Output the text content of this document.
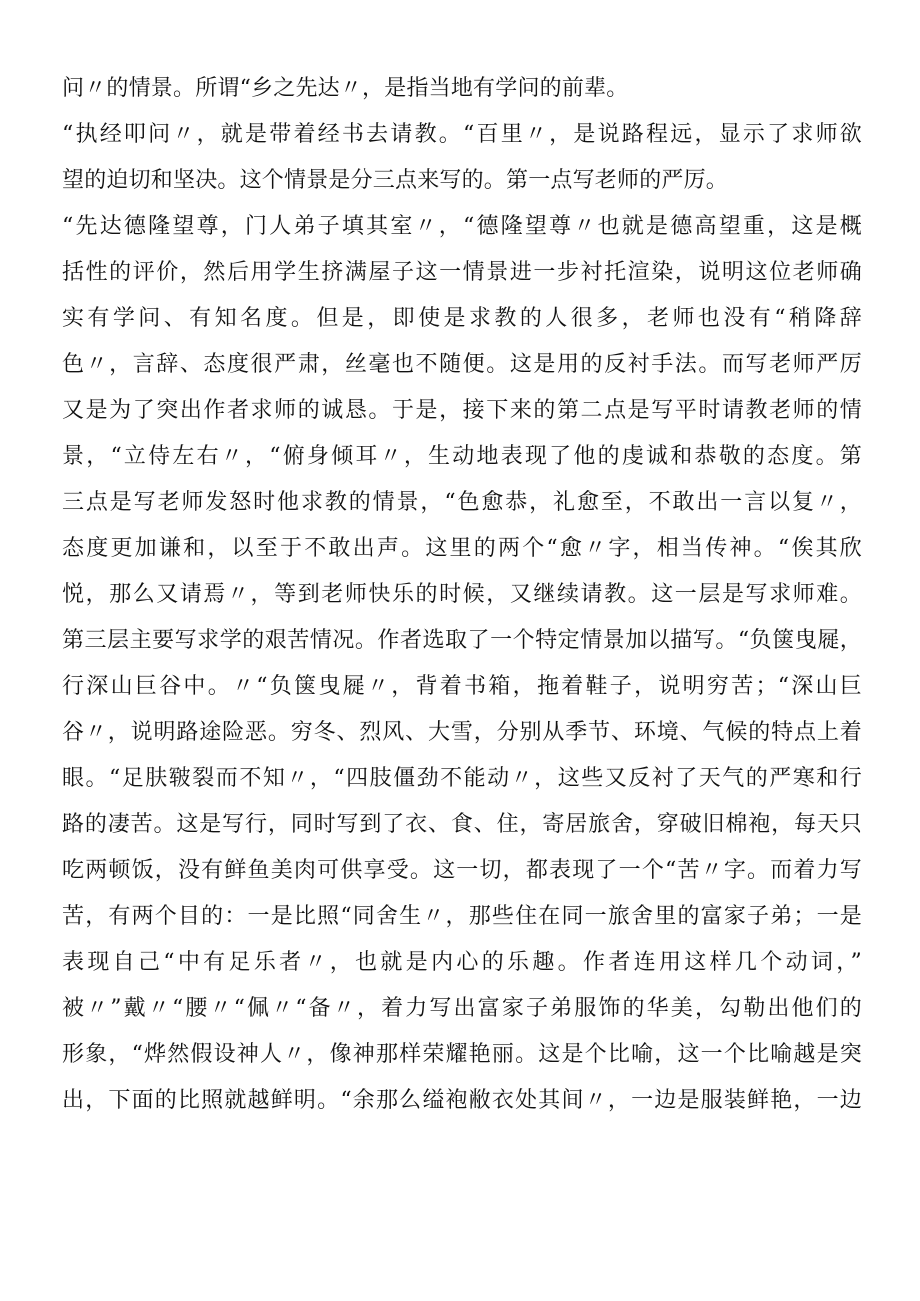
问〃的情景。所谓“乡之先达〃，是指当地有学问的前辈。
“执经叩问〃，就是带着经书去请教。“百里〃，是说路程远，显示了求师欲
望的迫切和坚决。这个情景是分三点来写的。第一点写老师的严厉。
“先达德隆望尊，门人弟子填其室〃，“德隆望尊〃也就是德高望重，这是概
括性的评价，然后用学生挤满屋子这一情景进一步衬托渲染，说明这位老师确
实有学问、有知名度。但是，即使是求教的人很多，老师也没有“稍降辞
色〃，言辞、态度很严肃，丝毫也不随便。这是用的反衬手法。而写老师严厉
又是为了突出作者求师的诚恳。于是，接下来的第二点是写平时请教老师的情
景，“立侍左右〃，“俯身倾耳〃，生动地表现了他的虔诚和恭敬的态度。第
三点是写老师发怒时他求教的情景，“色愈恭，礼愈至，不敢出一言以复〃，
态度更加谦和，以至于不敢出声。这里的两个“愈〃字，相当传神。“俟其欣
悦，那么又请焉〃，等到老师快乐的时候，又继续请教。这一层是写求师难。
第三层主要写求学的艰苦情况。作者选取了一个特定情景加以描写。“负箧曳屣，
行深山巨谷中。〃“负箧曳屣〃，背着书箱，拖着鞋子，说明穷苦；“深山巨
谷〃，说明路途险恶。穷冬、烈风、大雪，分别从季节、环境、气候的特点上着
眼。“足肤皲裂而不知〃，“四肢僵劲不能动〃，这些又反衬了天气的严寒和行
路的凄苦。这是写行，同时写到了衣、食、住，寄居旅舍，穿破旧棉袍，每天只
吃两顿饭，没有鲜鱼美肉可供享受。这一切，都表现了一个“苦〃字。而着力写
苦，有两个目的：一是比照“同舍生〃，那些住在同一旅舍里的富家子弟；一是
表现自己“中有足乐者〃，也就是内心的乐趣。作者连用这样几个动词，”
被〃”戴〃“腰〃“佩〃“备〃，着力写出富家子弟服饰的华美，勾勒出他们的
形象，“烨然假设神人〃，像神那样荣耀艳丽。这是个比喻，这一个比喻越是突
出，下面的比照就越鲜明。“余那么缢袍敝衣处其间〃，一边是服装鲜艳，一边
